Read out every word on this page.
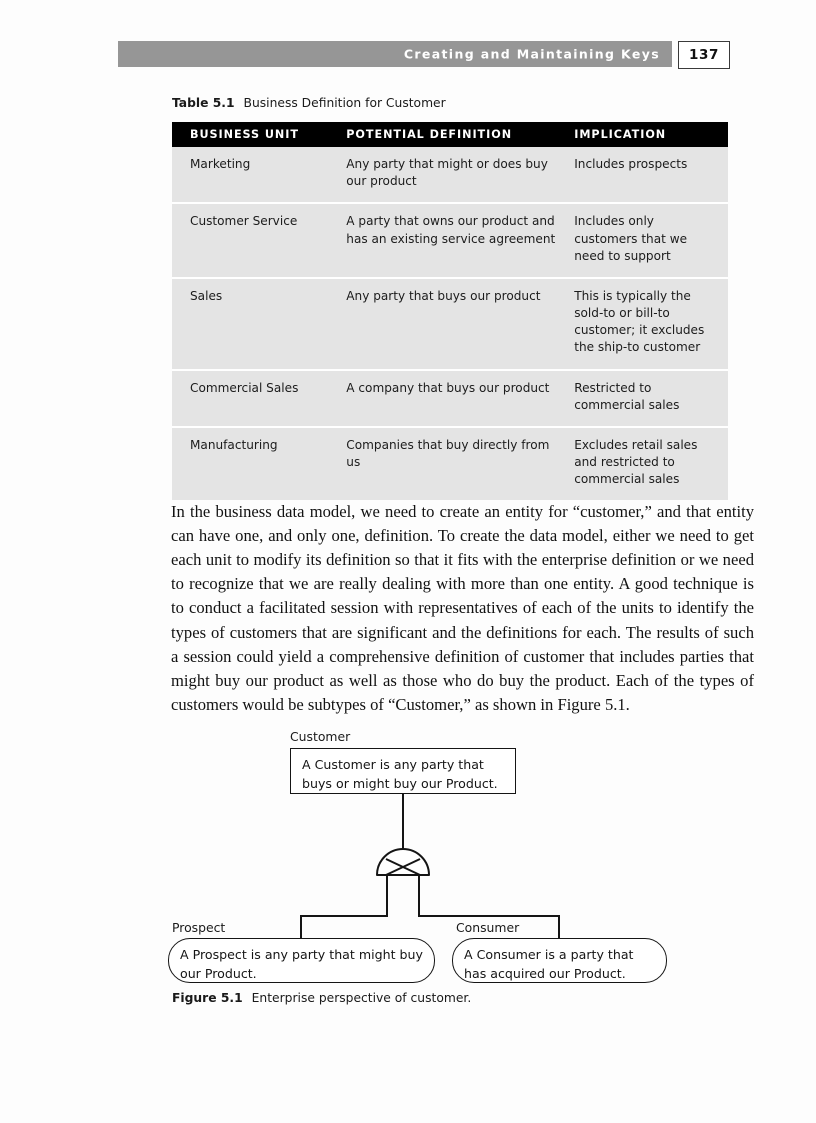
Creating and Maintaining Keys 137
Table 5.1 Business Definition for Customer
BUSINESS UNIT	POTENTIAL DEFINITION	IMPLICATION
Marketing	Any party that might or does buy our product	Includes prospects
Customer Service	A party that owns our product and has an existing service agreement	Includes only customers that we need to support
Sales	Any party that buys our product	This is typically the sold-to or bill-to customer; it excludes the ship-to customer
Commercial Sales	A company that buys our product	Restricted to commercial sales
Manufacturing	Companies that buy directly from us	Excludes retail sales and restricted to commercial sales

In the business data model, we need to create an entity for “customer,” and that entity can have one, and only one, definition. To create the data model, either we need to get each unit to modify its definition so that it fits with the enterprise definition or we need to recognize that we are really dealing with more than one entity. A good technique is to conduct a facilitated session with representatives of each of the units to identify the types of customers that are significant and the definitions for each. The results of such a session could yield a comprehensive definition of customer that includes parties that might buy our product as well as those who do buy the product. Each of the types of customers would be subtypes of “Customer,” as shown in Figure 5.1.

Customer
A Customer is any party that buys or might buy our Product.
Prospect
A Prospect is any party that might buy our Product.
Consumer
A Consumer is a party that has acquired our Product.
Figure 5.1 Enterprise perspective of customer.
